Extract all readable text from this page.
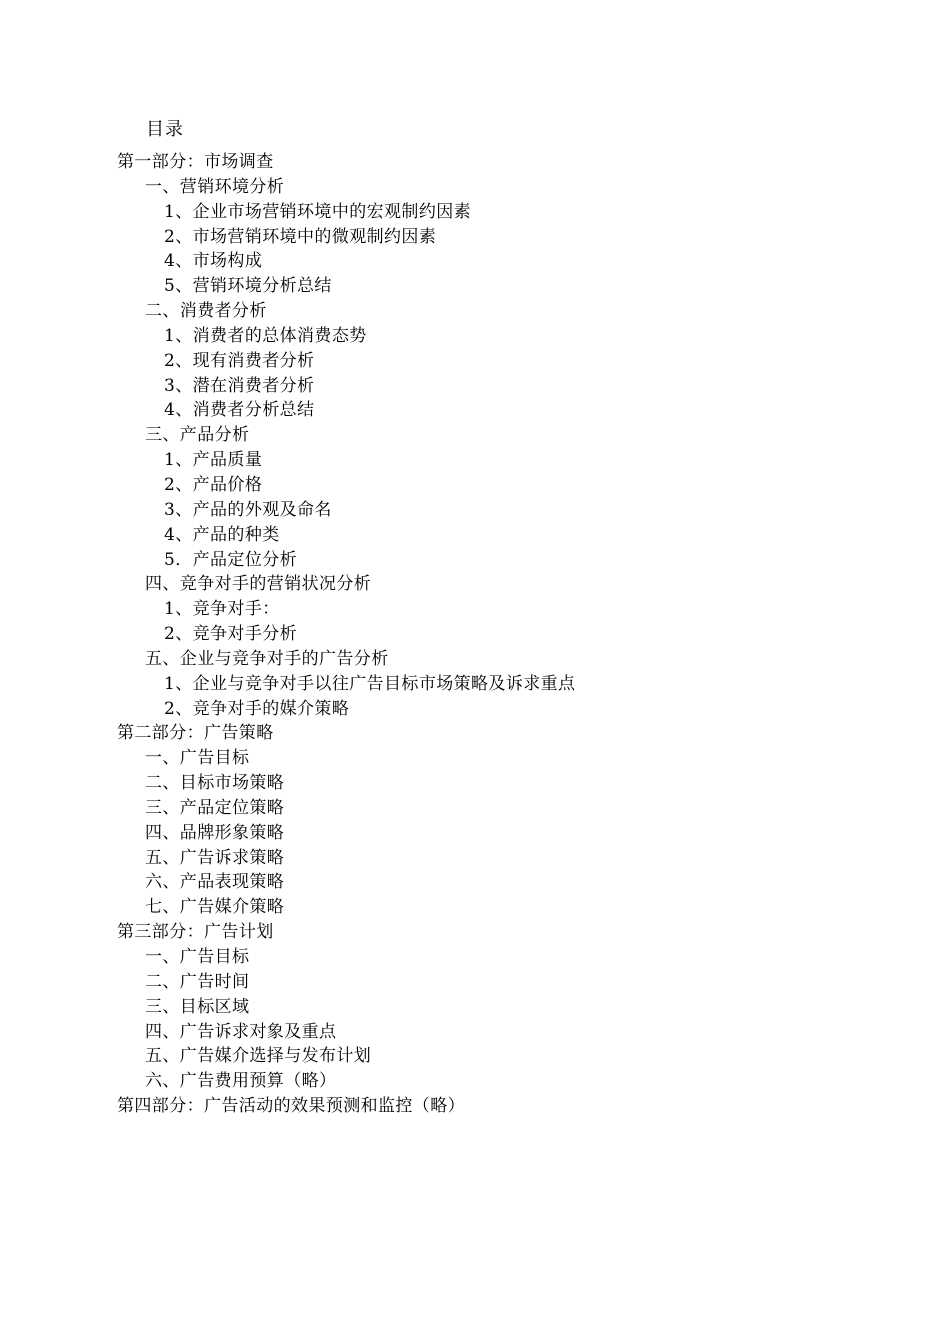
目录
第一部分：市场调查
一、营销环境分析
1、企业市场营销环境中的宏观制约因素
2、市场营销环境中的微观制约因素
4、市场构成
5、营销环境分析总结
二、消费者分析
1、消费者的总体消费态势
2、现有消费者分析
3、潜在消费者分析
4、消费者分析总结
三、产品分析
1、产品质量
2、产品价格
3、产品的外观及命名
4、产品的种类
5．产品定位分析
四、竞争对手的营销状况分析
1、竞争对手：
2、竞争对手分析
五、企业与竞争对手的广告分析
1、企业与竞争对手以往广告目标市场策略及诉求重点
2、竞争对手的媒介策略
第二部分：广告策略
一、广告目标
二、目标市场策略
三、产品定位策略
四、品牌形象策略
五、广告诉求策略
六、产品表现策略
七、广告媒介策略
第三部分：广告计划
一、广告目标
二、广告时间
三、目标区域
四、广告诉求对象及重点
五、广告媒介选择与发布计划
六、广告费用预算（略）
第四部分：广告活动的效果预测和监控（略）
